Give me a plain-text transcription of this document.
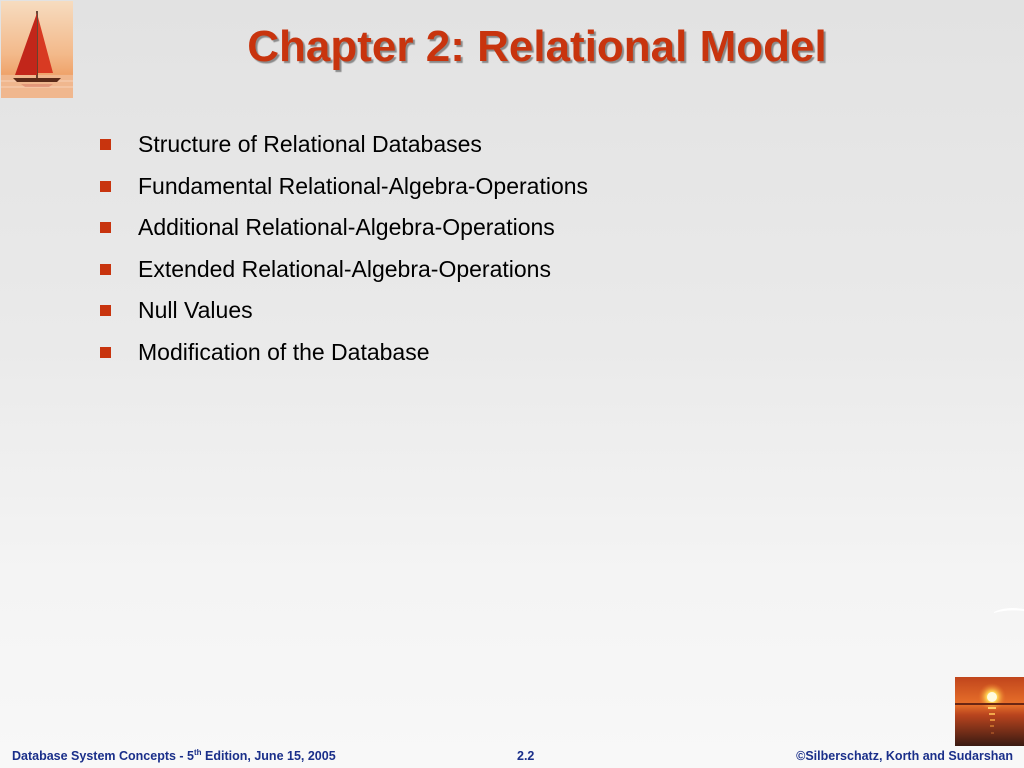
Chapter 2: Relational Model
Structure of Relational Databases
Fundamental Relational-Algebra-Operations
Additional Relational-Algebra-Operations
Extended Relational-Algebra-Operations
Null Values
Modification of the Database
Database System Concepts - 5th Edition, June 15, 2005	2.2	©Silberschatz, Korth and Sudarshan
